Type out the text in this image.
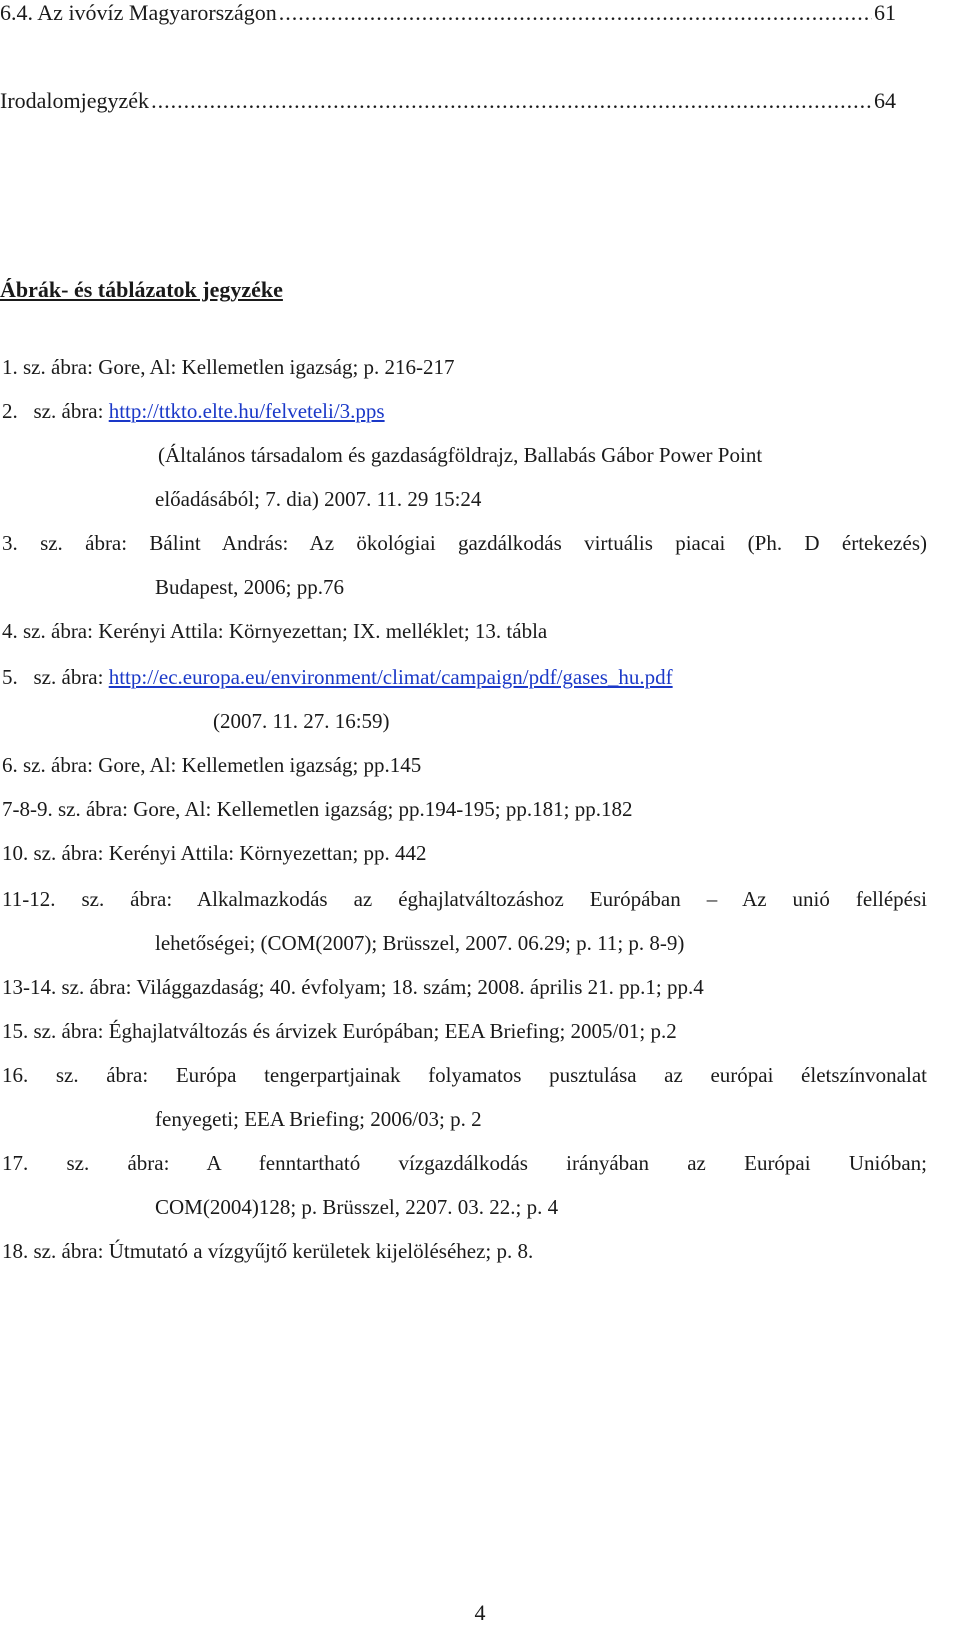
6.4. Az ivóvíz Magyarországon .....	61
Irodalomjegyzék .....	64
Ábrák- és táblázatok jegyzéke
1. sz. ábra: Gore, Al: Kellemetlen igazság; p. 216-217
2.   sz. ábra: http://ttkto.elte.hu/felveteli/3.pps
(Általános társadalom és gazdaságföldrajz, Ballabás Gábor Power Point
előadásából; 7. dia) 2007. 11. 29 15:24
3. sz. ábra: Bálint András: Az ökológiai gazdálkodás virtuális piacai (Ph. D értekezés)
Budapest, 2006; pp.76
4. sz. ábra: Kerényi Attila: Környezettan; IX. melléklet; 13. tábla
5.   sz. ábra: http://ec.europa.eu/environment/climat/campaign/pdf/gases_hu.pdf
(2007. 11. 27. 16:59)
6. sz. ábra: Gore, Al: Kellemetlen igazság; pp.145
7-8-9. sz. ábra: Gore, Al: Kellemetlen igazság; pp.194-195; pp.181; pp.182
10. sz. ábra: Kerényi Attila: Környezettan; pp. 442
11-12. sz. ábra: Alkalmazkodás az éghajlatváltozáshoz Európában – Az unió fellépési
lehetőségei; (COM(2007); Brüsszel, 2007. 06.29; p. 11; p. 8-9)
13-14. sz. ábra: Világgazdaság; 40. évfolyam; 18. szám; 2008. április 21. pp.1; pp.4
15. sz. ábra: Éghajlatváltozás és árvizek Európában; EEA Briefing; 2005/01; p.2
16. sz. ábra: Európa tengerpartjainak folyamatos pusztulása az európai életszínvonalat
fenyegeti; EEA Briefing; 2006/03; p. 2
17. sz. ábra: A fenntartható vízgazdálkodás irányában az Európai Unióban;
COM(2004)128; p. Brüsszel, 2207. 03. 22.; p. 4
18. sz. ábra: Útmutató a vízgyűjtő kerületek kijelöléséhez; p. 8.
4
